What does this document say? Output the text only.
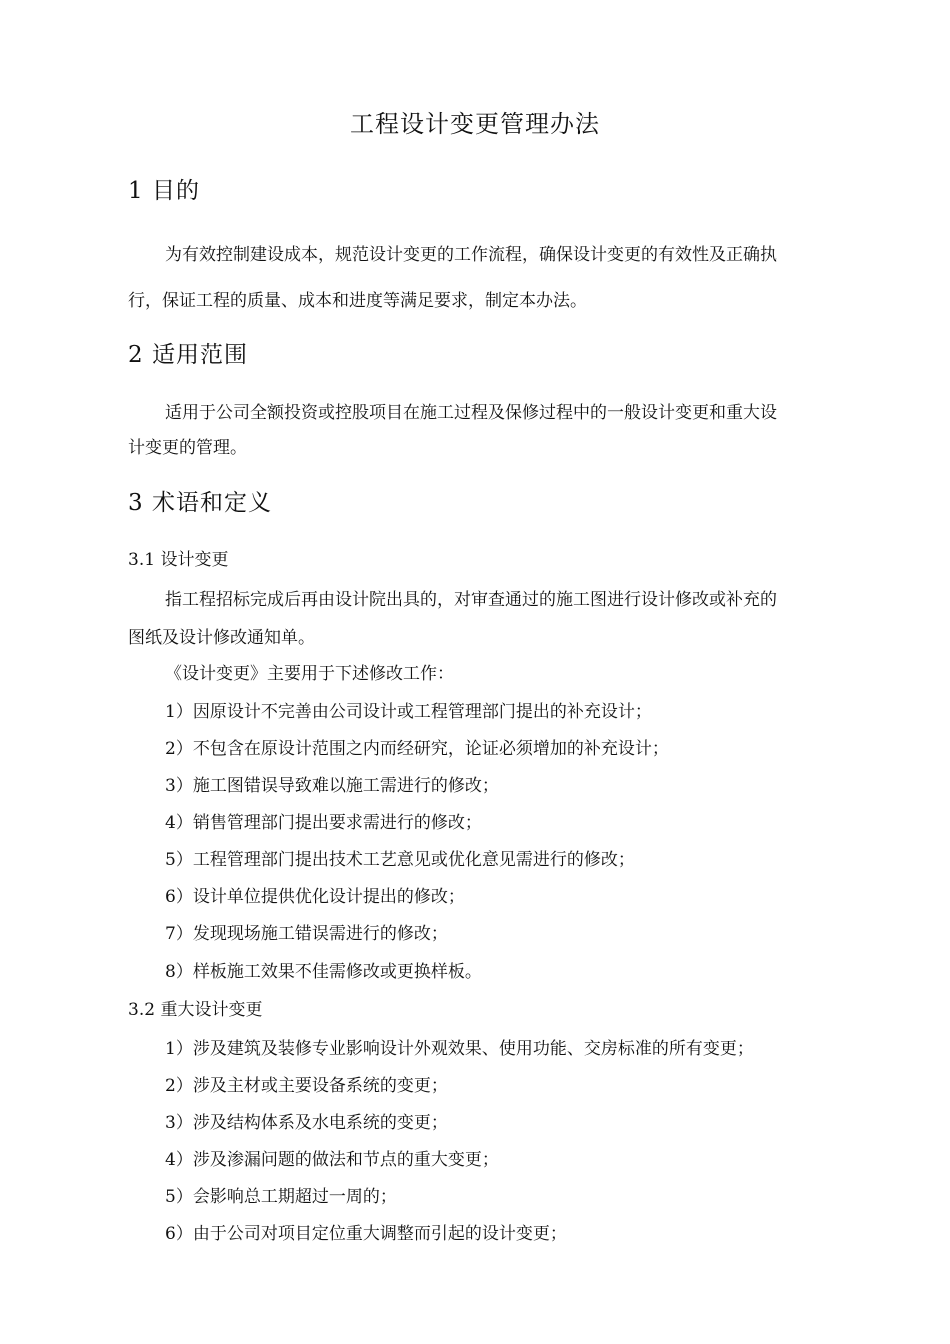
工程设计变更管理办法
1 目的
为有效控制建设成本，规范设计变更的工作流程，确保设计变更的有效性及正确执
行，保证工程的质量、成本和进度等满足要求，制定本办法。
2 适用范围
适用于公司全额投资或控股项目在施工过程及保修过程中的一般设计变更和重大设
计变更的管理。
3 术语和定义
3.1 设计变更
指工程招标完成后再由设计院出具的，对审查通过的施工图进行设计修改或补充的
图纸及设计修改通知单。
《设计变更》主要用于下述修改工作：
1）因原设计不完善由公司设计或工程管理部门提出的补充设计；
2）不包含在原设计范围之内而经研究，论证必须增加的补充设计；
3）施工图错误导致难以施工需进行的修改；
4）销售管理部门提出要求需进行的修改；
5）工程管理部门提出技术工艺意见或优化意见需进行的修改；
6）设计单位提供优化设计提出的修改；
7）发现现场施工错误需进行的修改；
8）样板施工效果不佳需修改或更换样板。
3.2 重大设计变更
1）涉及建筑及装修专业影响设计外观效果、使用功能、交房标准的所有变更；
2）涉及主材或主要设备系统的变更；
3）涉及结构体系及水电系统的变更；
4）涉及渗漏问题的做法和节点的重大变更；
5）会影响总工期超过一周的；
6）由于公司对项目定位重大调整而引起的设计变更；
